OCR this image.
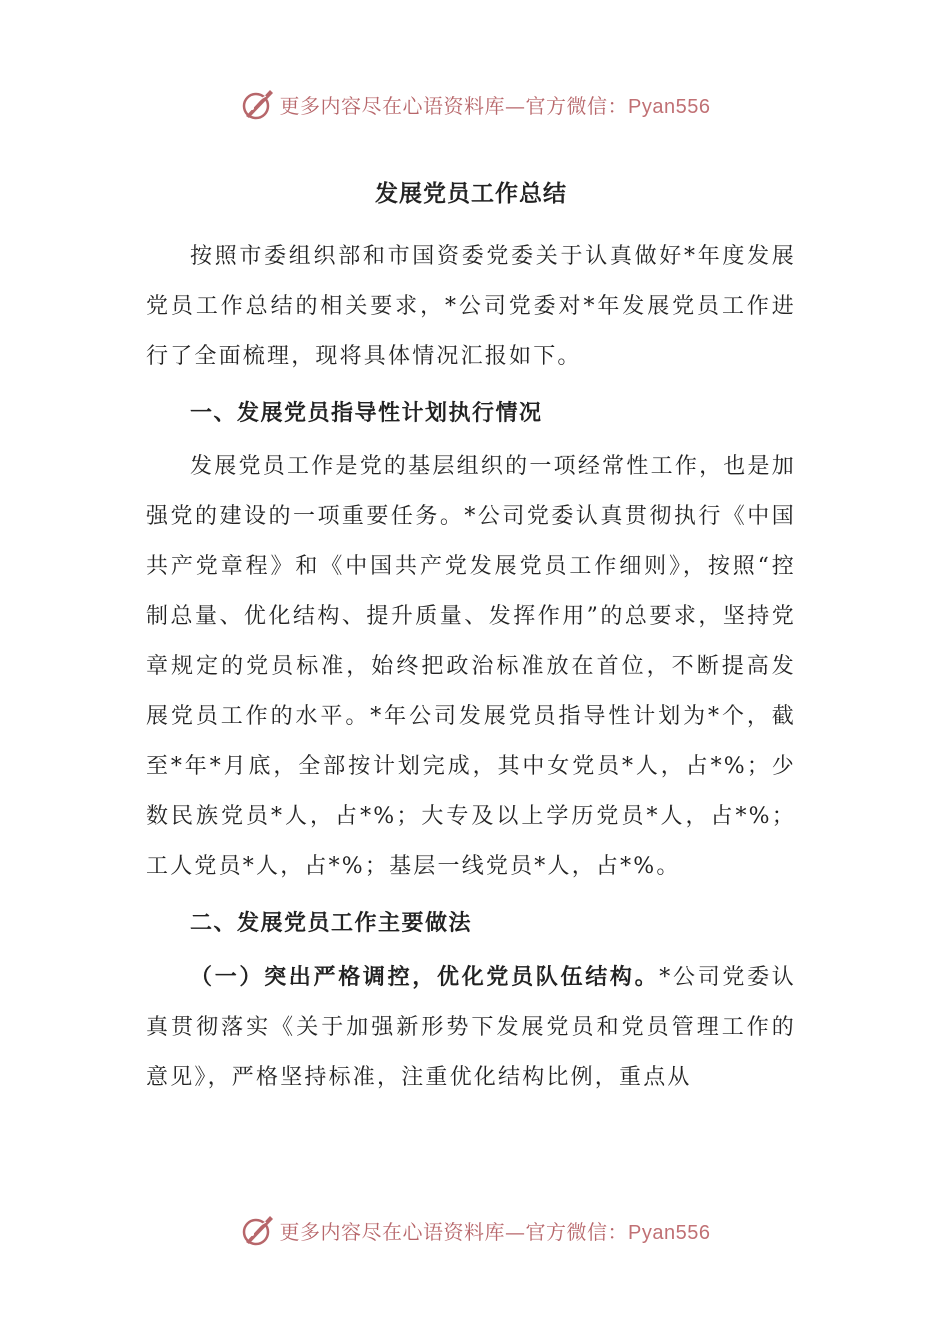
更多内容尽在心语资料库—官方微信：Pyan556
发展党员工作总结

按照市委组织部和市国资委党委关于认真做好*年度发展党员工作总结的相关要求，*公司党委对*年发展党员工作进行了全面梳理，现将具体情况汇报如下。

一、发展党员指导性计划执行情况

发展党员工作是党的基层组织的一项经常性工作，也是加强党的建设的一项重要任务。*公司党委认真贯彻执行《中国共产党章程》和《中国共产党发展党员工作细则》，按照“控制总量、优化结构、提升质量、发挥作用”的总要求，坚持党章规定的党员标准，始终把政治标准放在首位，不断提高发展党员工作的水平。*年公司发展党员指导性计划为*个，截至*年*月底，全部按计划完成，其中女党员*人，占*%；少数民族党员*人，占*%；大专及以上学历党员*人，占*%；工人党员*人，占*%；基层一线党员*人，占*%。

二、发展党员工作主要做法

（一）突出严格调控，优化党员队伍结构。*公司党委认真贯彻落实《关于加强新形势下发展党员和党员管理工作的意见》，严格坚持标准，注重优化结构比例，重点从

更多内容尽在心语资料库—官方微信：Pyan556
